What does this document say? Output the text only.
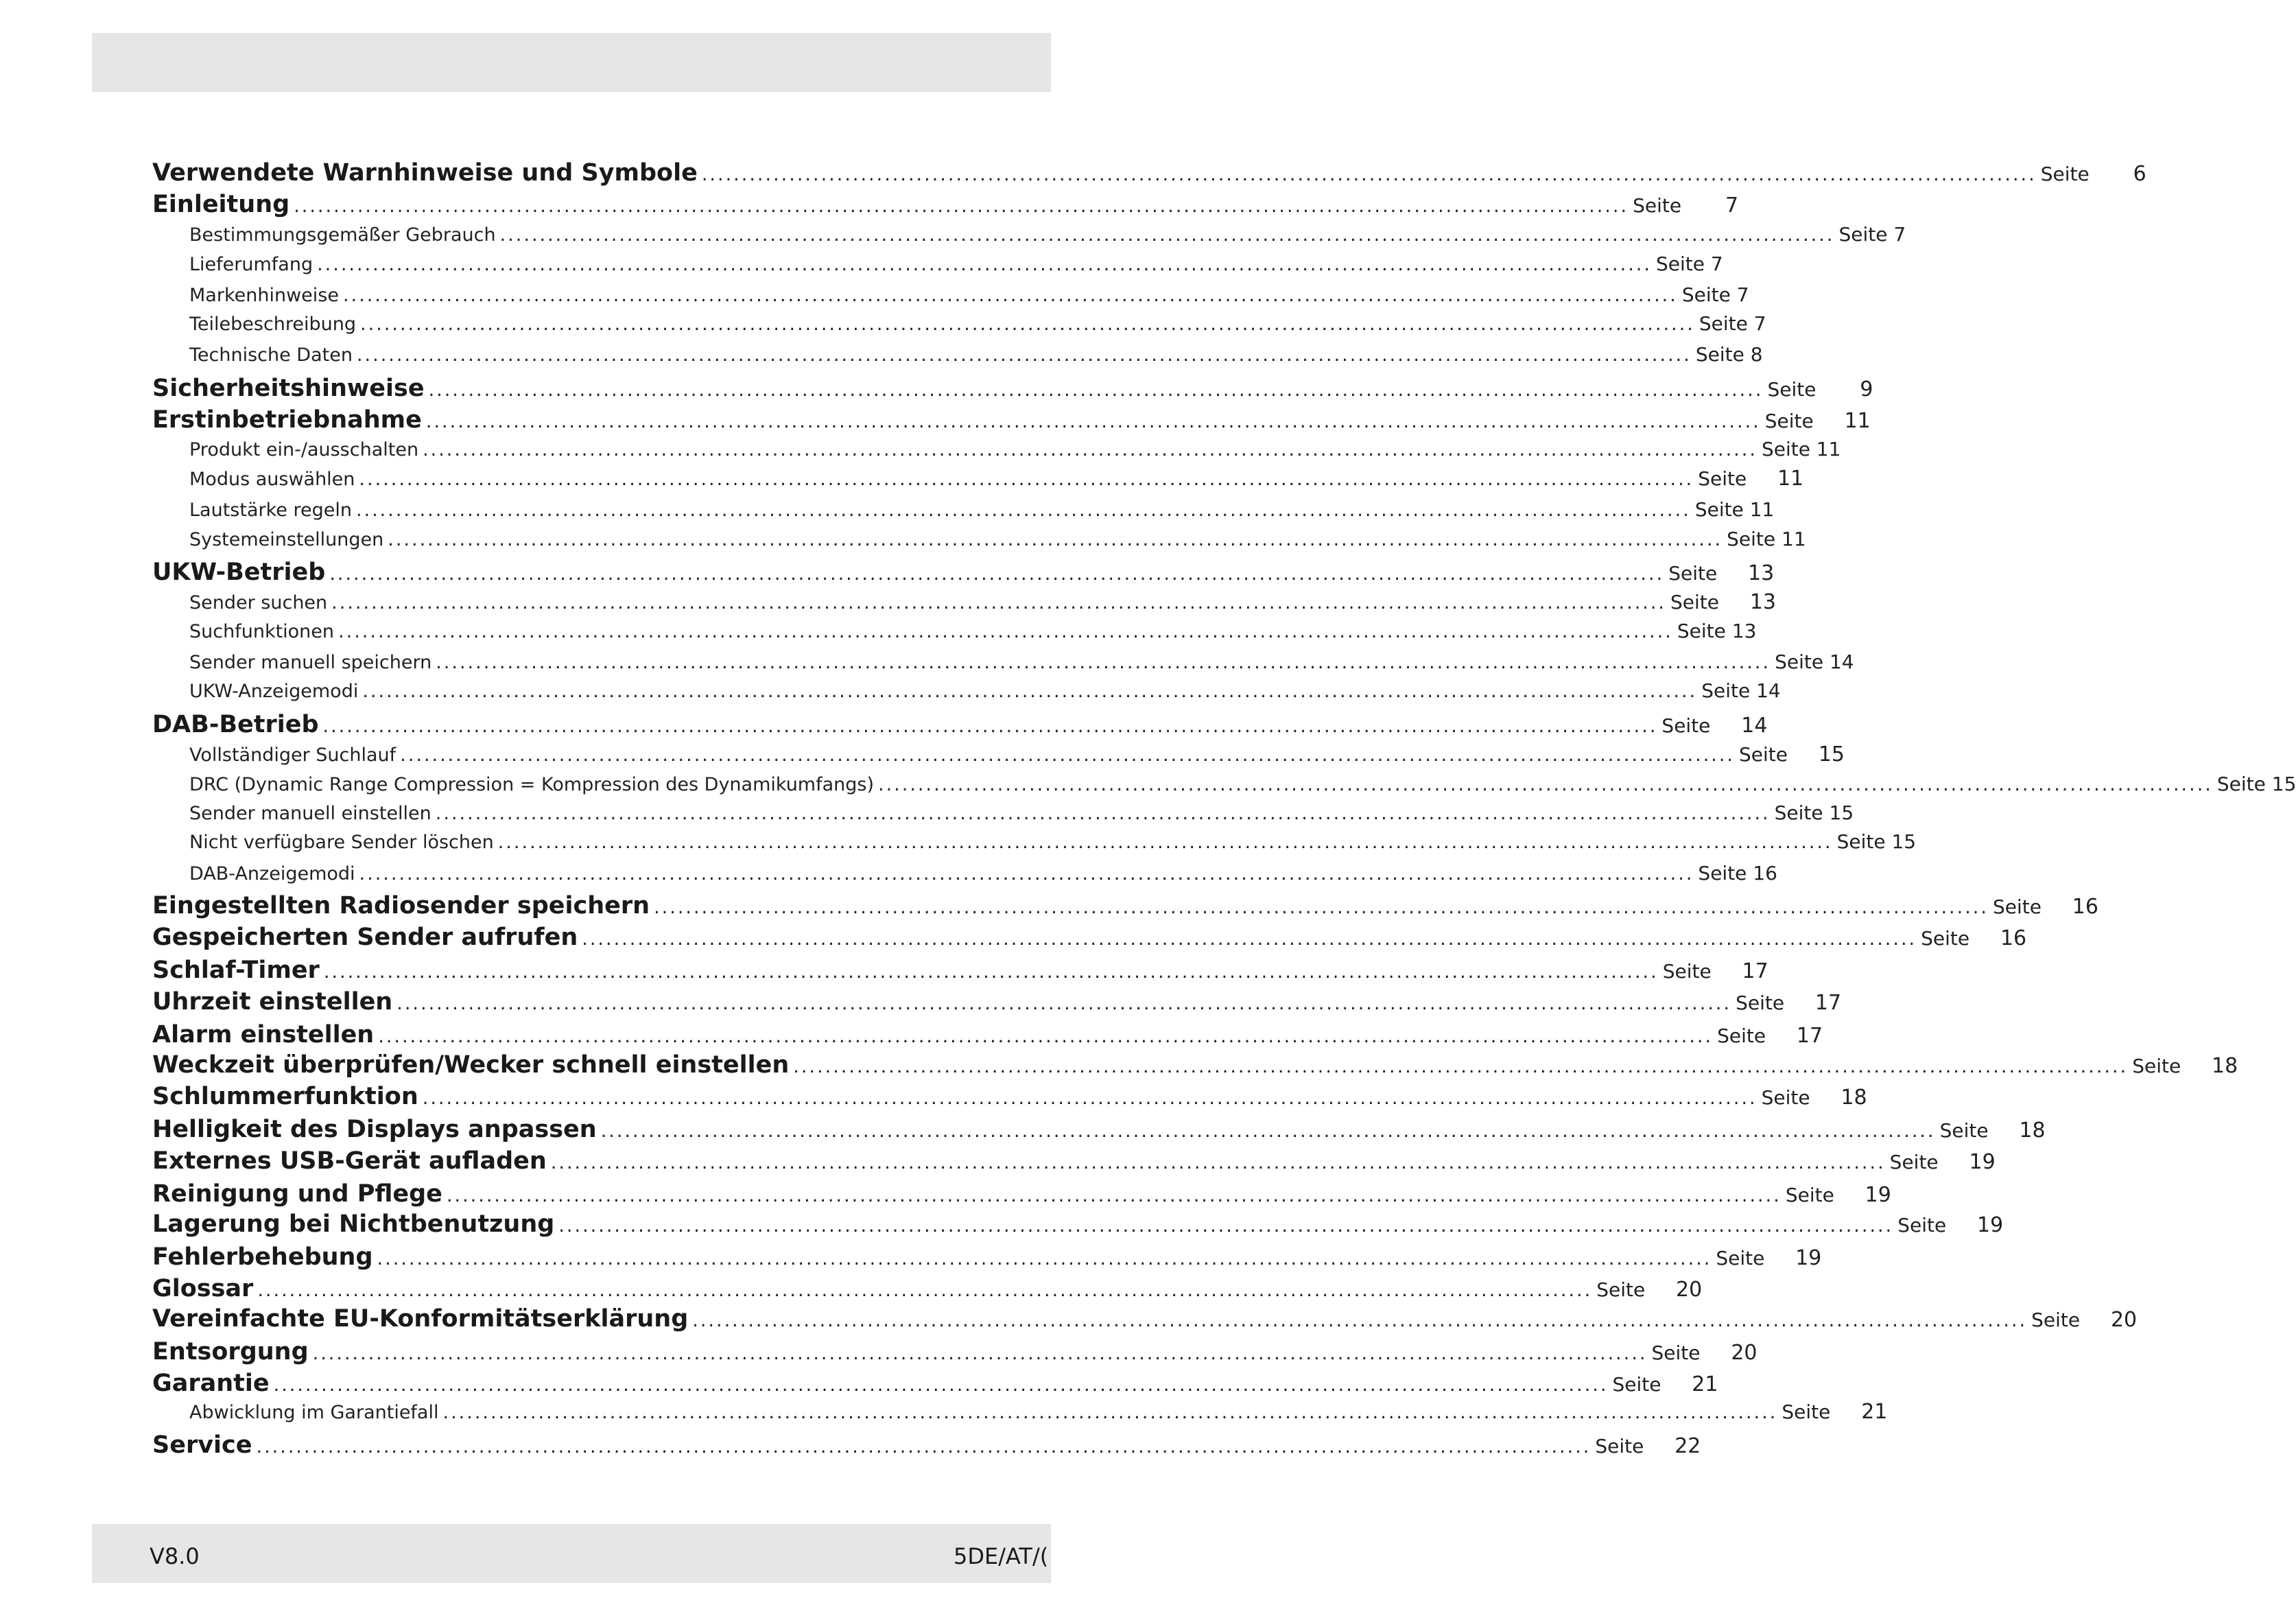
Verwendete Warnhinweise und Symbole ........................................................................................................................................................................ Seite	6
Einleitung ........................................................................................................................................................................ Seite	7
Bestimmungsgemäßer Gebrauch ........................................................................................................................................................................ Seite 7
Lieferumfang ........................................................................................................................................................................ Seite 7
Markenhinweise ........................................................................................................................................................................ Seite 7
Teilebeschreibung ........................................................................................................................................................................ Seite 7
Technische Daten ........................................................................................................................................................................ Seite 8
Sicherheitshinweise ........................................................................................................................................................................ Seite	9
Erstinbetriebnahme ........................................................................................................................................................................ Seite	11
Produkt ein-/ausschalten ........................................................................................................................................................................ Seite 11
Modus auswählen ........................................................................................................................................................................ Seite	11
Lautstärke regeln ........................................................................................................................................................................ Seite 11
Systemeinstellungen ........................................................................................................................................................................ Seite 11
UKW-Betrieb ........................................................................................................................................................................ Seite	13
Sender suchen ........................................................................................................................................................................ Seite	13
Suchfunktionen ........................................................................................................................................................................ Seite 13
Sender manuell speichern ........................................................................................................................................................................ Seite 14
UKW-Anzeigemodi ........................................................................................................................................................................ Seite 14
DAB-Betrieb ........................................................................................................................................................................ Seite	14
Vollständiger Suchlauf ........................................................................................................................................................................ Seite	15
DRC (Dynamic Range Compression = Kompression des Dynamikumfangs) ........................................................................................................................................................................ Seite 15
Sender manuell einstellen ........................................................................................................................................................................ Seite 15
Nicht verfügbare Sender löschen ........................................................................................................................................................................ Seite 15
DAB-Anzeigemodi ........................................................................................................................................................................ Seite 16
Eingestellten Radiosender speichern ........................................................................................................................................................................ Seite	16
Gespeicherten Sender aufrufen ........................................................................................................................................................................ Seite	16
Schlaf-Timer ........................................................................................................................................................................ Seite	17
Uhrzeit einstellen ........................................................................................................................................................................ Seite	17
Alarm einstellen ........................................................................................................................................................................ Seite	17
Weckzeit überprüfen/Wecker schnell einstellen ........................................................................................................................................................................ Seite	18
Schlummerfunktion ........................................................................................................................................................................ Seite	18
Helligkeit des Displays anpassen ........................................................................................................................................................................ Seite	18
Externes USB-Gerät aufladen ........................................................................................................................................................................ Seite	19
Reinigung und Pflege ........................................................................................................................................................................ Seite	19
Lagerung bei Nichtbenutzung ........................................................................................................................................................................ Seite	19
Fehlerbehebung ........................................................................................................................................................................ Seite	19
Glossar ........................................................................................................................................................................ Seite	20
Vereinfachte EU-Konformitätserklärung ........................................................................................................................................................................ Seite	20
Entsorgung ........................................................................................................................................................................ Seite	20
Garantie ........................................................................................................................................................................ Seite	21
Abwicklung im Garantiefall ........................................................................................................................................................................ Seite	21
Service ........................................................................................................................................................................ Seite	22
V8.0	5DE/AT/(
